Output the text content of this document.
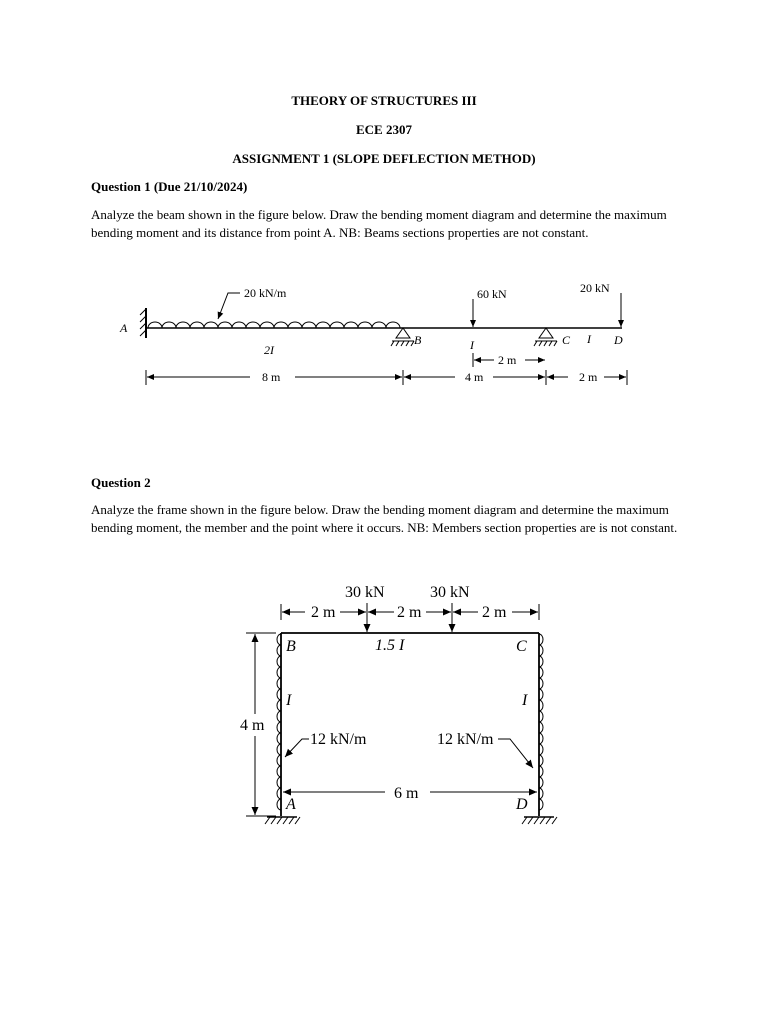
THEORY OF STRUCTURES III
ECE 2307
ASSIGNMENT 1 (SLOPE DEFLECTION METHOD)
Question 1 (Due 21/10/2024)
Analyze the beam shown in the figure below. Draw the bending moment diagram and determine the maximum bending moment and its distance from point A. NB: Beams sections properties are not constant.
A
20 kN/m	60 kN	20 kN
B	C	D
2I	I	I
2 m
8 m	4 m	2 m
Question 2
Analyze the frame shown in the figure below. Draw the bending moment diagram and determine the maximum bending moment, the member and the point where it occurs. NB: Members section properties are is not constant.
30 kN	30 kN
2 m	2 m	2 m
1.5 I
B	C
I	I
4 m
12 kN/m	12 kN/m
6 m
A	D
